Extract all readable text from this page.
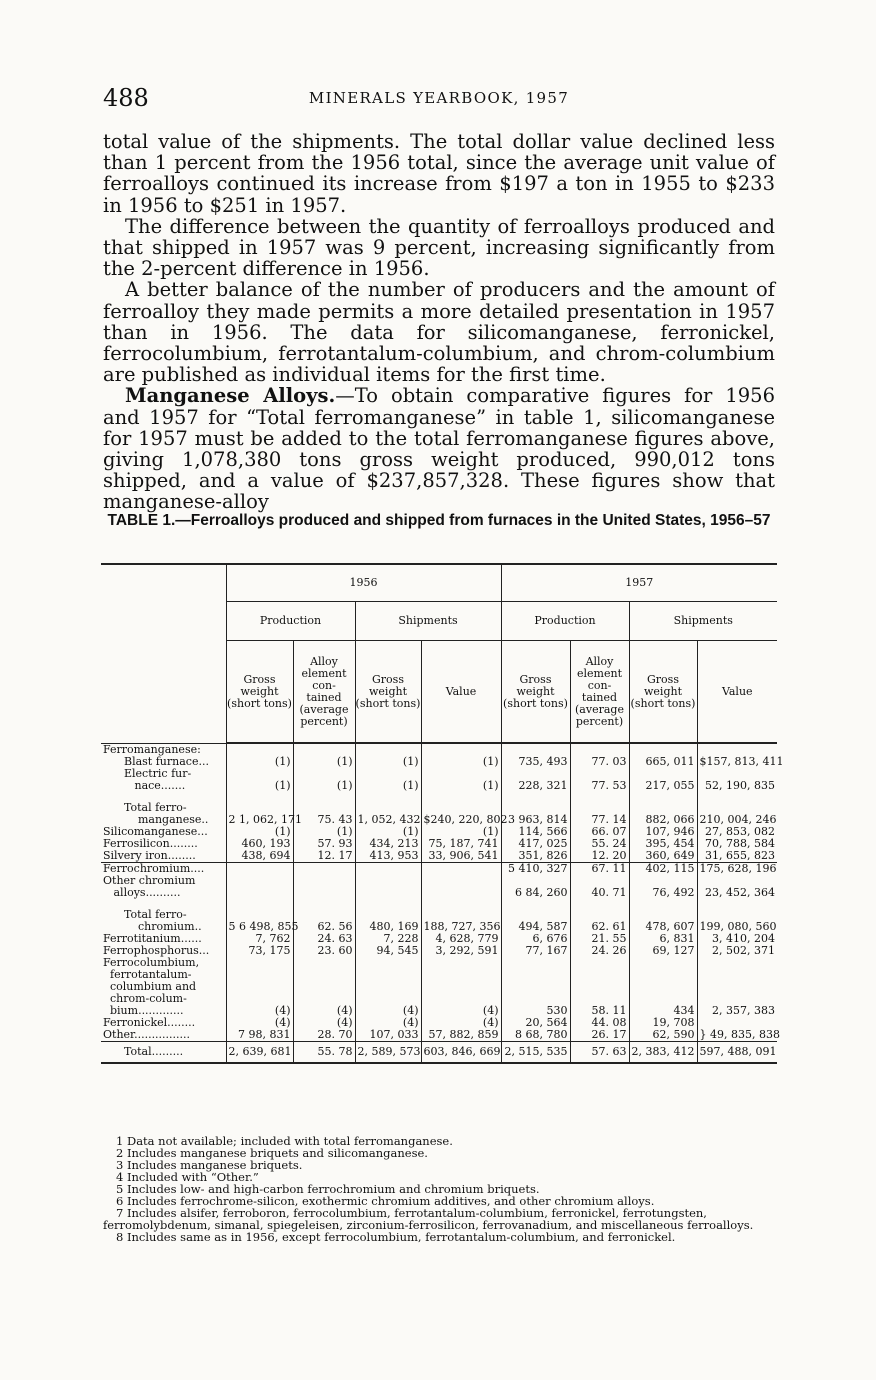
488	MINERALS YEARBOOK, 1957

total value of the shipments. The total dollar value declined less than 1 percent from the 1956 total, since the average unit value of ferroalloys continued its increase from $197 a ton in 1955 to $233 in 1956 to $251 in 1957.

The difference between the quantity of ferroalloys produced and that shipped in 1957 was 9 percent, increasing significantly from the 2-percent difference in 1956.

A better balance of the number of producers and the amount of ferroalloy they made permits a more detailed presentation in 1957 than in 1956. The data for silicomanganese, ferronickel, ferrocolumbium, ferrotantalum-columbium, and chrom-columbium are published as individual items for the first time.

Manganese Alloys.—To obtain comparative figures for 1956 and 1957 for “Total ferromanganese” in table 1, silicomanganese for 1957 must be added to the total ferromanganese figures above, giving 1,078,380 tons gross weight produced, 990,012 tons shipped, and a value of $237,857,328. These figures show that manganese-alloy

TABLE 1.—Ferroalloys produced and shipped from furnaces in the United States, 1956–57
	1956				1957			
	Production		Shipments		Production		Shipments	
	Gross weight (short tons)	Alloy element con- tained (average percent)	Gross weight (short tons)	Value	Gross weight (short tons)	Alloy element con- tained (average percent)	Gross weight (short tons)	Value
Ferromanganese:								
Blast furnace...	(1)	(1)	(1)	(1)	735, 493	77. 03	665, 011	$157, 813, 411
Electric fur-								
nace.......	(1)	(1)	(1)	(1)	228, 321	77. 53	217, 055	52, 190, 835

Total ferro-								
manganese..	2 1, 062, 171	75. 43	1, 052, 432	$240, 220, 802	3 963, 814	77. 14	882, 066	210, 004, 246
Silicomanganese...	(1)	(1)	(1)	(1)	114, 566	66. 07	107, 946	27, 853, 082
Ferrosilicon........	460, 193	57. 93	434, 213	75, 187, 741	417, 025	55. 24	395, 454	70, 788, 584
Silvery iron........	438, 694	12. 17	413, 953	33, 906, 541	351, 826	12. 20	360, 649	31, 655, 823
Ferrochromium....					5 410, 327	67. 11	402, 115	175, 628, 196
Other chromium								
alloys..........					6 84, 260	40. 71	76, 492	23, 452, 364

Total ferro-								
chromium..	5 6 498, 855	62. 56	480, 169	188, 727, 356	494, 587	62. 61	478, 607	199, 080, 560
Ferrotitanium......	7, 762	24. 63	7, 228	4, 628, 779	6, 676	21. 55	6, 831	3, 410, 204
Ferrophosphorus...	73, 175	23. 60	94, 545	3, 292, 591	77, 167	24. 26	69, 127	2, 502, 371
Ferrocolumbium,								
ferrotantalum-								
columbium and								
chrom-colum-								
bium.............	(4)	(4)	(4)	(4)	530	58. 11	434	2, 357, 383
Ferronickel........	(4)	(4)	(4)	(4)	20, 564	44. 08	19, 708	
Other................	7 98, 831	28. 70	107, 033	57, 882, 859	8 68, 780	26. 17	62, 590	} 49, 835, 838
Total.........	2, 639, 681	55. 78	2, 589, 573	603, 846, 669	2, 515, 535	57. 63	2, 383, 412	597, 488, 091
1 Data not available; included with total ferromanganese.
2 Includes manganese briquets and silicomanganese.
3 Includes manganese briquets.
4 Included with “Other.”
5 Includes low- and high-carbon ferrochromium and chromium briquets.
6 Includes ferrochrome-silicon, exothermic chromium additives, and other chromium alloys.
7 Includes alsifer, ferroboron, ferrocolumbium, ferrotantalum-columbium, ferronickel, ferrotungsten, ferromolybdenum, simanal, spiegeleisen, zirconium-ferrosilicon, ferrovanadium, and miscellaneous ferroalloys.
8 Includes same as in 1956, except ferrocolumbium, ferrotantalum-columbium, and ferronickel.
